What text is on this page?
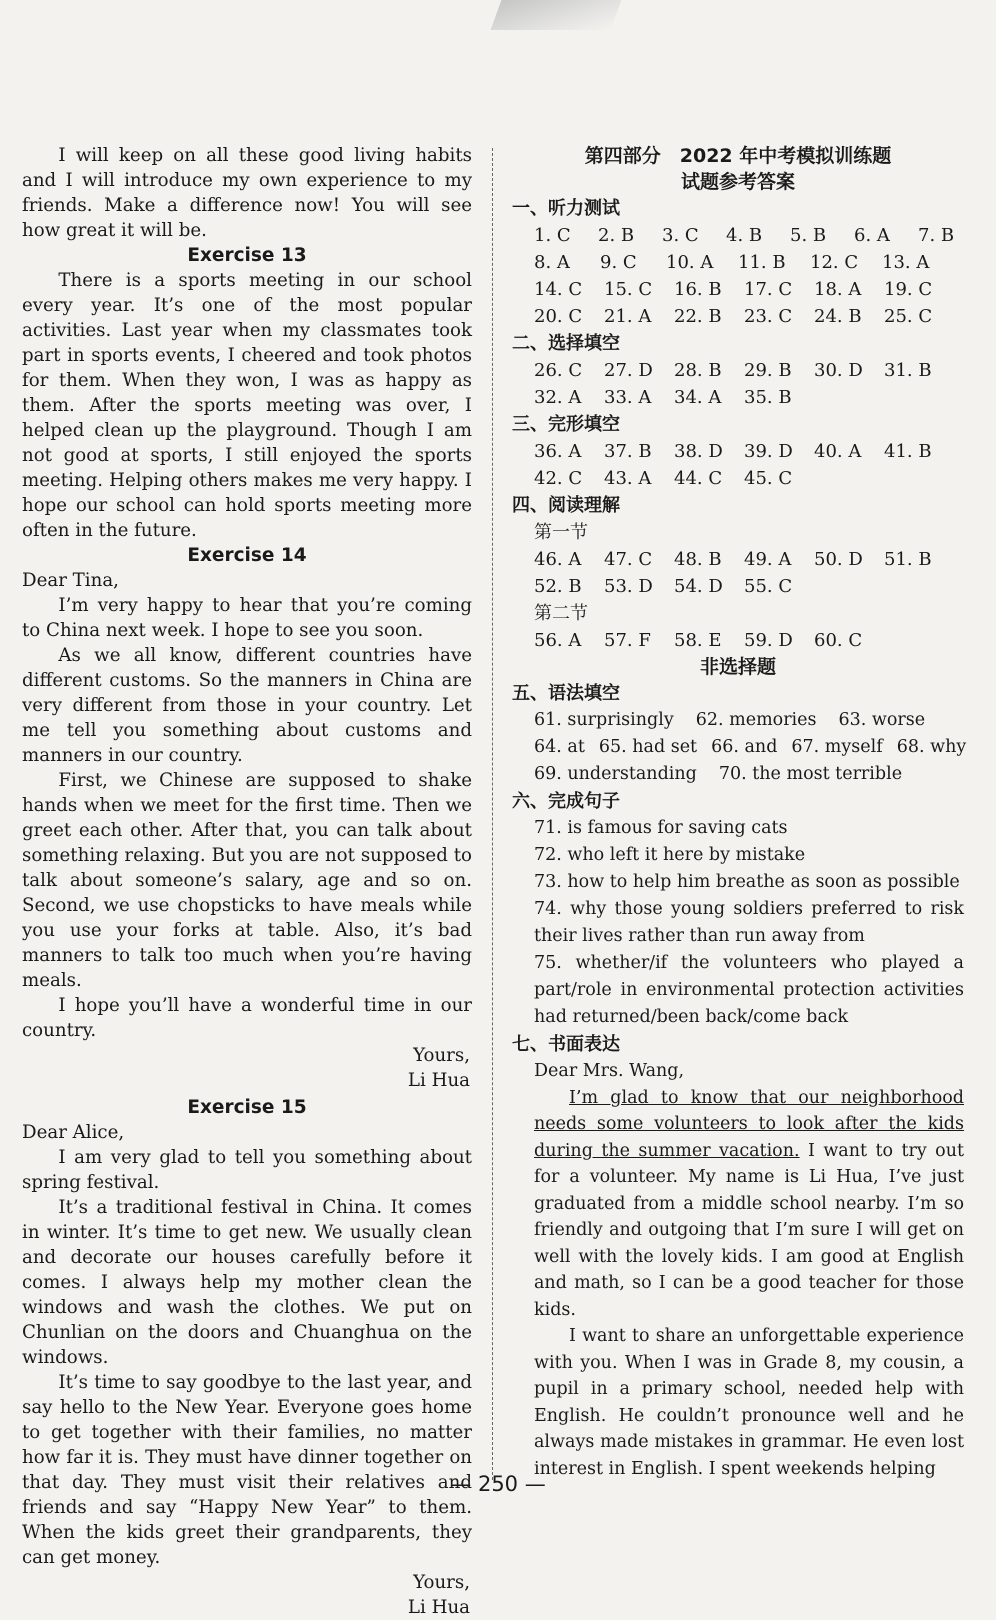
I will keep on all these good living habits and I will introduce my own experience to my friends. Make a difference now! You will see how great it will be.

Exercise 13

There is a sports meeting in our school every year. It’s one of the most popular activities. Last year when my classmates took part in sports events, I cheered and took photos for them. When they won, I was as happy as them. After the sports meeting was over, I helped clean up the playground. Though I am not good at sports, I still enjoyed the sports meeting. Helping others makes me very happy. I hope our school can hold sports meeting more often in the future.

Exercise 14

Dear Tina,

I’m very happy to hear that you’re coming to China next week. I hope to see you soon.

As we all know, different countries have different customs. So the manners in China are very different from those in your country. Let me tell you something about customs and manners in our country.

First, we Chinese are supposed to shake hands when we meet for the first time. Then we greet each other. After that, you can talk about something relaxing. But you are not supposed to talk about someone’s salary, age and so on. Second, we use chopsticks to have meals while you use your forks at table. Also, it’s bad manners to talk too much when you’re having meals.

I hope you’ll have a wonderful time in our country.

Yours,

Li Hua

Exercise 15

Dear Alice,

I am very glad to tell you something about spring festival.

It’s a traditional festival in China. It comes in winter. It’s time to get new. We usually clean and decorate our houses carefully before it comes. I always help my mother clean the windows and wash the clothes. We put on Chunlian on the doors and Chuanghua on the windows.

It’s time to say goodbye to the last year, and say hello to the New Year. Everyone goes home to get together with their families, no matter how far it is. They must have dinner together on that day. They must visit their relatives and friends and say “Happy New Year” to them. When the kids greet their grandparents, they can get money.

Yours,

Li Hua

第四部分　2022 年中考模拟训练题
试题参考答案
一、听力测试
1. C	2. B	3. C	4. B	5. B	6. A	7. B
8. A	9. C	10. A	11. B	12. C	13. A
14. C	15. C	16. B	17. C	18. A	19. C
20. C	21. A	22. B	23. C	24. B	25. C
二、选择填空
26. C	27. D	28. B	29. B	30. D	31. B
32. A	33. A	34. A	35. B
三、完形填空
36. A	37. B	38. D	39. D	40. A	41. B
42. C	43. A	44. C	45. C
四、阅读理解
第一节
46. A	47. C	48. B	49. A	50. D	51. B
52. B	53. D	54. D	55. C
第二节
56. A	57. F	58. E	59. D	60. C
非选择题
五、语法填空
61. surprisingly 62. memories 63. worse
64. at 65. had set 66. and 67. myself 68. why
69. understanding 70. the most terrible
六、完成句子

71. is famous for saving cats

72. who left it here by mistake

73. how to help him breathe as soon as possible

74. why those young soldiers preferred to risk their lives rather than run away from

75. whether/if the volunteers who played a part/role in environmental protection activities had returned/been back/come back

七、书面表达

Dear Mrs. Wang,

I’m glad to know that our neighborhood needs some volunteers to look after the kids during the summer vacation. I want to try out for a volunteer. My name is Li Hua, I’ve just graduated from a middle school nearby. I’m so friendly and outgoing that I’m sure I will get on well with the lovely kids. I am good at English and math, so I can be a good teacher for those kids.

I want to share an unforgettable experience with you. When I was in Grade 8, my cousin, a pupil in a primary school, needed help with English. He couldn’t pronounce well and he always made mistakes in grammar. He even lost interest in English. I spent weekends helping

— 250 —
